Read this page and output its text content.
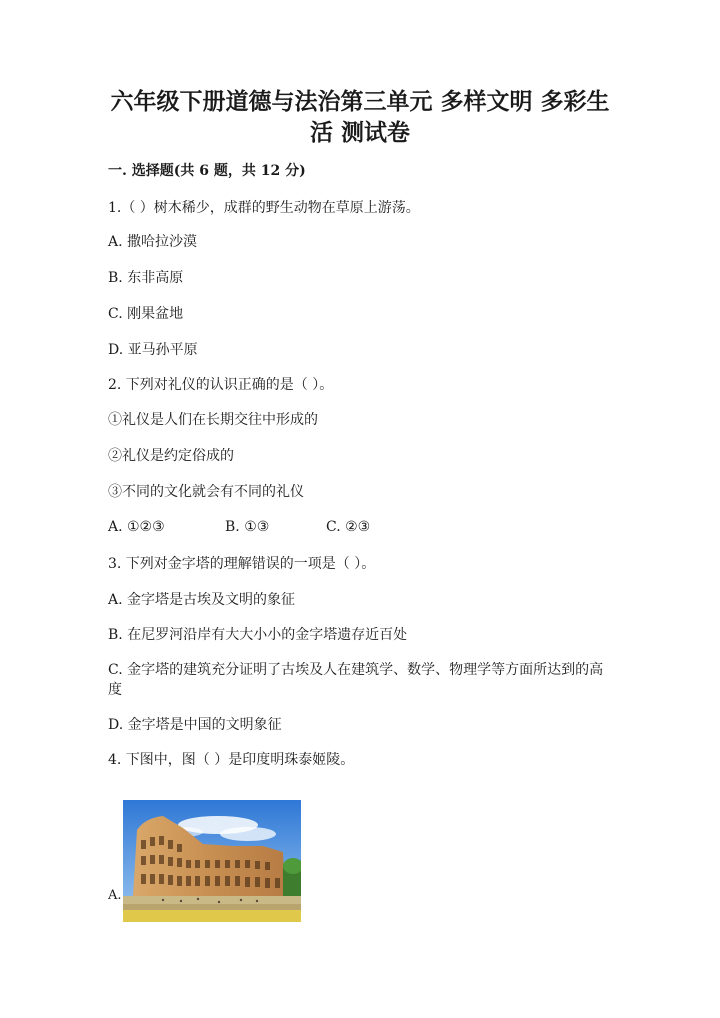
六年级下册道德与法治第三单元 多样文明 多彩生
活 测试卷
一. 选择题(共 6 题，共 12 分)
1.（ ）树木稀少，成群的野生动物在草原上游荡。
A. 撒哈拉沙漠
B. 东非高原
C. 刚果盆地
D. 亚马孙平原
2. 下列对礼仪的认识正确的是（ ）。
①礼仪是人们在长期交往中形成的
②礼仪是约定俗成的
③不同的文化就会有不同的礼仪
A. ①②③	B. ①③	C. ②③
3. 下列对金字塔的理解错误的一项是（ ）。
A. 金字塔是古埃及文明的象征
B. 在尼罗河沿岸有大大小小的金字塔遗存近百处
C. 金字塔的建筑充分证明了古埃及人在建筑学、数学、物理学等方面所达到的高度
D. 金字塔是中国的文明象征
4. 下图中，图（ ）是印度明珠泰姬陵。
A.
